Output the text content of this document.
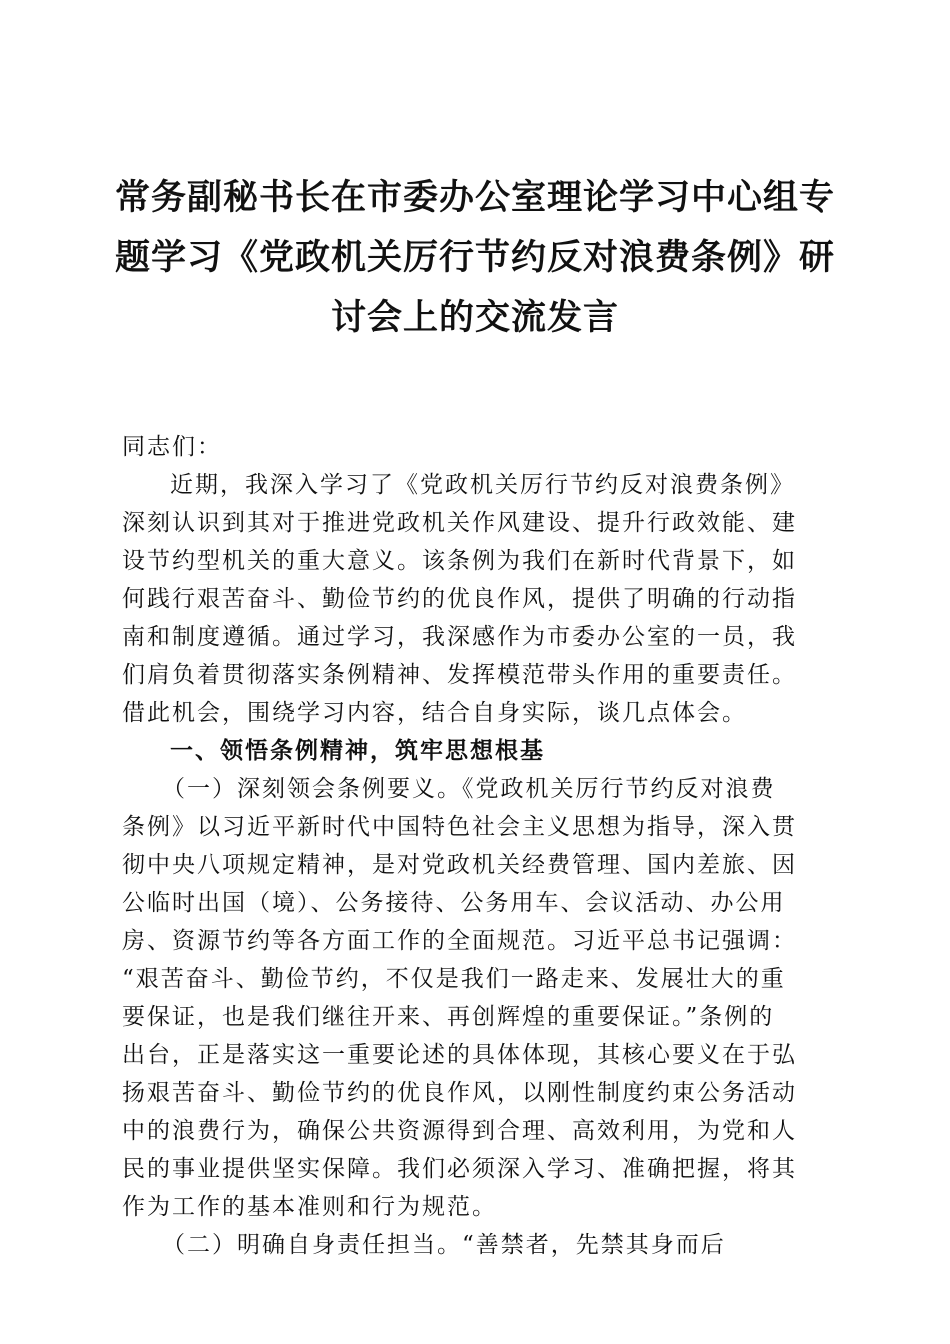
常务副秘书长在市委办公室理论学习中心组专
题学习《党政机关厉行节约反对浪费条例》研
讨会上的交流发言
同志们：
近期，我深入学习了《党政机关厉行节约反对浪费条例》
深刻认识到其对于推进党政机关作风建设、提升行政效能、建
设节约型机关的重大意义。该条例为我们在新时代背景下，如
何践行艰苦奋斗、勤俭节约的优良作风，提供了明确的行动指
南和制度遵循。通过学习，我深感作为市委办公室的一员，我
们肩负着贯彻落实条例精神、发挥模范带头作用的重要责任。
借此机会，围绕学习内容，结合自身实际，谈几点体会。
一、领悟条例精神，筑牢思想根基
（一）深刻领会条例要义。《党政机关厉行节约反对浪费
条例》以习近平新时代中国特色社会主义思想为指导，深入贯
彻中央八项规定精神，是对党政机关经费管理、国内差旅、因
公临时出国（境）、公务接待、公务用车、会议活动、办公用
房、资源节约等各方面工作的全面规范。习近平总书记强调：
“艰苦奋斗、勤俭节约，不仅是我们一路走来、发展壮大的重
要保证，也是我们继往开来、再创辉煌的重要保证。”条例的
出台，正是落实这一重要论述的具体体现，其核心要义在于弘
扬艰苦奋斗、勤俭节约的优良作风，以刚性制度约束公务活动
中的浪费行为，确保公共资源得到合理、高效利用，为党和人
民的事业提供坚实保障。我们必须深入学习、准确把握，将其
作为工作的基本准则和行为规范。
（二）明确自身责任担当。“善禁者，先禁其身而后
